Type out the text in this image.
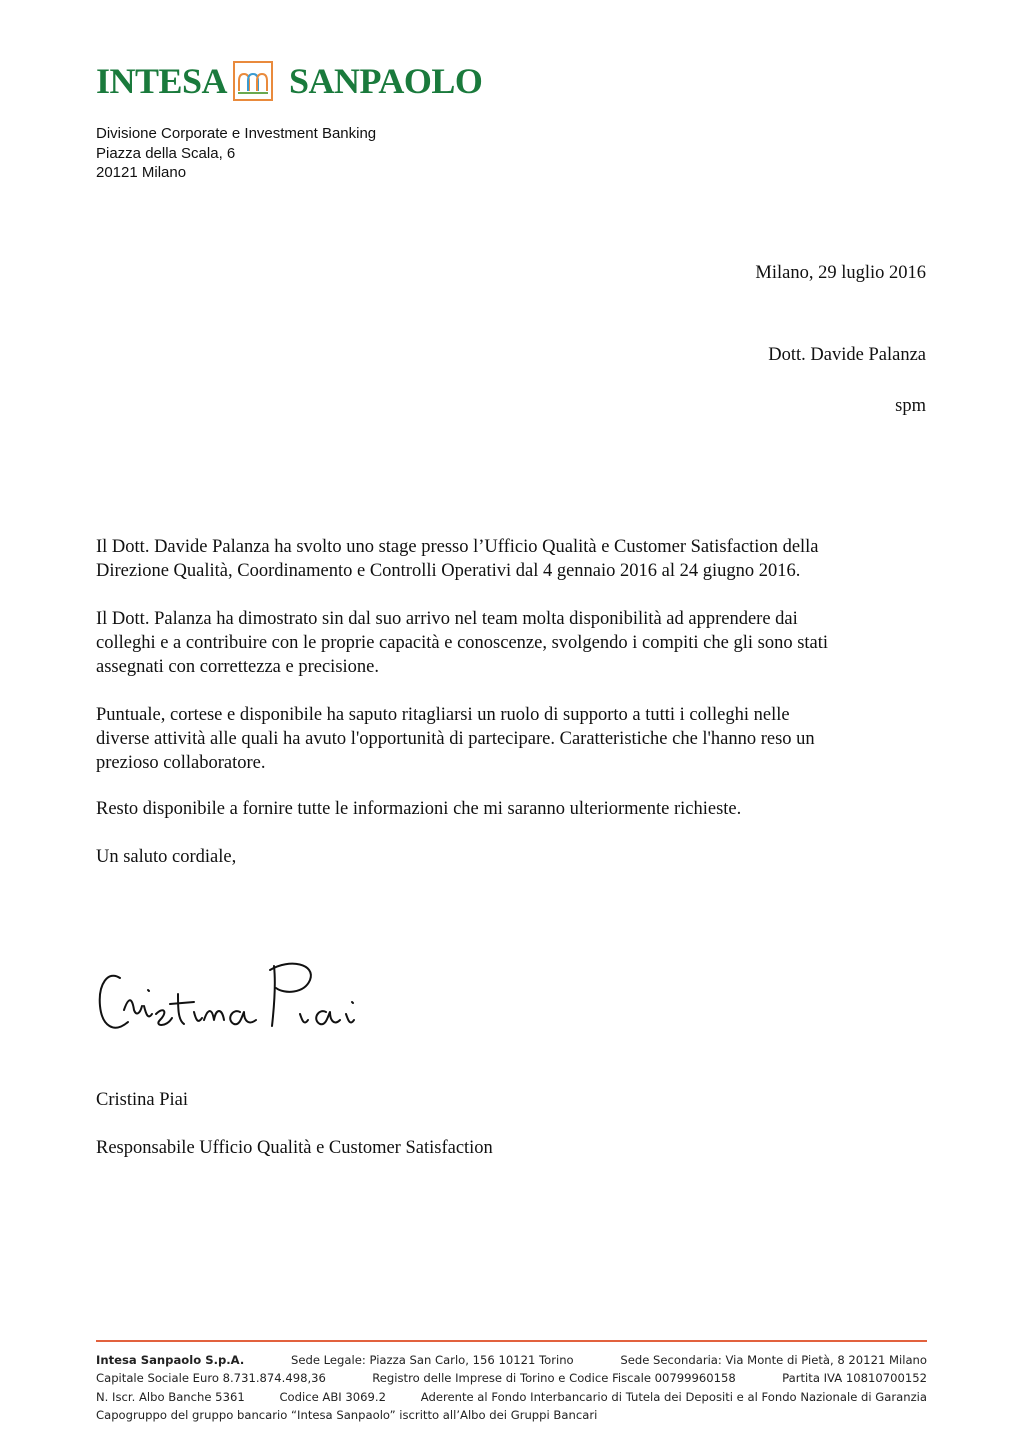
INTESA SANPAOLO
Divisione Corporate e Investment Banking
Piazza della Scala, 6
20121 Milano
Milano, 29 luglio 2016
Dott. Davide Palanza
spm
Il Dott. Davide Palanza ha svolto uno stage presso l’Ufficio Qualità e Customer Satisfaction della
Direzione Qualità, Coordinamento e Controlli Operativi dal 4 gennaio 2016 al 24 giugno 2016.
Il Dott. Palanza ha dimostrato sin dal suo arrivo nel team molta disponibilità ad apprendere dai
colleghi e a contribuire con le proprie capacità e conoscenze, svolgendo i compiti che gli sono stati
assegnati con correttezza e precisione.
Puntuale, cortese e disponibile ha saputo ritagliarsi un ruolo di supporto a tutti i colleghi nelle
diverse attività alle quali ha avuto l'opportunità di partecipare. Caratteristiche che l'hanno reso un
prezioso collaboratore.
Resto disponibile a fornire tutte le informazioni che mi saranno ulteriormente richieste.
Un saluto cordiale,
Cristina Piai
Responsabile Ufficio Qualità e Customer Satisfaction
Intesa Sanpaolo S.p.A.	Sede Legale: Piazza San Carlo, 156 10121 Torino	Sede Secondaria: Via Monte di Pietà, 8 20121 Milano
Capitale Sociale Euro 8.731.874.498,36	Registro delle Imprese di Torino e Codice Fiscale 00799960158	Partita IVA 10810700152
N. Iscr. Albo Banche 5361	Codice ABI 3069.2	Aderente al Fondo Interbancario di Tutela dei Depositi e al Fondo Nazionale di Garanzia
Capogruppo del gruppo bancario “Intesa Sanpaolo” iscritto all’Albo dei Gruppi Bancari
